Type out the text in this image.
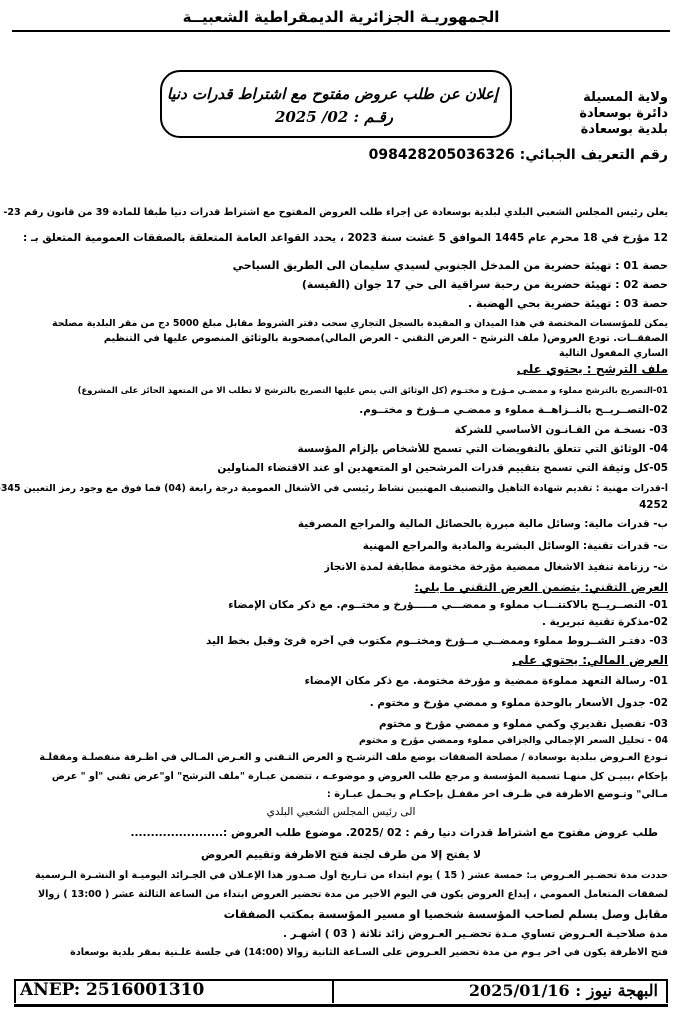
الجمهوريـة الجزائرية الديمقراطية الشعبيــة
ولاية المسيلة
دائرة بوسعادة
بلدية بوسعادة
إعلان عن طلب عروض مفتوح مع اشتراط قدرات دنيا
رقـم : 02/ 2025
رقم التعريف الجبائي: 09842820503632​6
يعلن رئيس المجلس الشعبي البلدي لبلدية بوسعادة عن إجراء طلب العروض المفتوح مع اشتراط قدرات دنيا طبقا للمادة 39 من قانون رقم 23-
12 مؤرخ في 18 محرم عام 1445 الموافق 5 غشت سنة 2023 ، يحدد القواعد العامة المتعلقة بالصفقات العمومية المتعلق بـ :
حصة 01 : تهيئة حضرية من المدخل الجنوبي لسيدي سليمان الى الطريق السياحي
حصة 02 : تهيئة حضرية من رحبة سراقية الى حي 17 جوان (القيسة)
حصة 03 : تهيئة حضرية بحي الهضبة .
يمكن للمؤسسات المختصة في هذا الميدان و المقيدة بالسجل التجاري سحب دفتر الشروط مقابل مبلغ 5000 دج من مقر البلدية مصلحة
الصفقــات. تودع العروض( ملف الترشح - العرض التقني - العرض المالي)مصحوبة بالوثائق المنصوص عليها في التنظيم
الساري المفعول التالية
ملف الترشح : يحتوي على
01-التصريح بالترشح مملوء و ممضـي مـؤرخ و مختـوم (كل الوثائق التي ينص عليها التصريح بالترشح لا تطلب الا من المتعهد الحائز على المشروع)
02-التصــريــح بالنــزاهــة مملوء و ممضـي مــؤرخ و مختــوم.
03- نسخـة من القـانـون الأساسي للشركة
04- الوثائق التي تتعلق بالتفويضات التي تسمح للأشخاص بإلزام المؤسسة
05-كل وثيقة التي تسمح بتقييم قدرات المرشحين او المتعهدين أو عند الاقتضاء المناولين
أ-قدرات مهنية : تقديم شهادة التأهيل والتصنيف المهنيين نشاط رئيسي في الأشغال العمومية درجة رابعة (04) فما فوق مع وجود رمز التعيين 345
4252
ب- قدرات مالية: وسائل مالية مبررة بالحصائل المالية والمراجع المصرفية
ت- قدرات تقنية: الوسائل البشرية والمادية والمراجع المهنية
ث- رزنامة تنفيذ الاشغال ممضية مؤرخة مختومة مطابقة لمدة الانجاز
العرض التقني: يتضمن العرض التقني ما يلي:
01- التصــريــح بالاكتتـــاب مملوء و ممضـــي مـــــؤرخ و مختــوم. مع ذكر مكان الإمضاء
02-مذكرة تقنية تبريرية .
03- دفتـر الشــروط مملوء وممضــي مــؤرخ ومختــوم مكتوب في آخره قرئ وقبل بخط اليد
العرض المالي: يحتوي على
01- رسالة التعهد مملوءة ممضية و مؤرخة مختومة. مع ذكر مكان الإمضاء
02- جدول الأسعار بالوحدة مملوء و ممضي مؤرخ و مختوم .
03- تفصيل تقديري وكمي مملوء و ممضي مؤرخ و مختوم
04 - تحليل السعر الإجمالي والجزافي مملوء وممضي مؤرخ و مختوم
تـودع العـروض ببلدية بوسعادة / مصلحة الصفقات بوضع ملف الترشـح و العرض التـقني و العـرض المـالي في أظـرفة منفصلـة ومقفلـة
بإحكام ،يبيـن كل منهـا تسمية المؤسسة و مرجع طلب العروض و موضوعـه ، تتضمن عبـارة "ملف الترشح" أو"عرض تقني "أو " عرض
مـالي" وتـوضع الاظرفة في ظـرف آخر مقفـل بإحكـام و يحـمل عبـارة :
الى رئيس المجلس الشعبي البلدي
طلب عروض مفتوح مع اشتراط قدرات دنيا رقم : 02 /2025. موضوع طلب العروض :.......................
لا يفتح إلا من طرف لجنة فتح الاظرفة وتقييم العروض
حددت مدة تحضـير العـروض بـ: خمسة عشر ( 15 ) يوم ابتداء من تـاريخ أول صـدور هذا الإعـلان في الجـرائد اليوميـة أو النشـرة الـرسمية
لصفقات المتعامل العمومي ، إيداع العروض يكون في اليوم الأخير من مدة تحضير العروض ابتداء من الساعة الثالثة عشر ( 13:00 ) زوالا
مقابل وصل بسلم لصاحب المؤسسة شخصيا او مسير المؤسسة بمكتب الصفقات
مدة صلاحيـة العـروض تساوي مـدة تحضـير العـروض زائد ثلاثة ( 03 ) أشهـر .
فتح الاظرفة يكون في آخر يـوم من مدة تحضير العـروض على السـاعة الثانية زوالا (14:00) في جلسة علـنية بمقر بلدية بوسعادة
البهجة نيوز : 2025/01/16
ANEP: 2516001310
